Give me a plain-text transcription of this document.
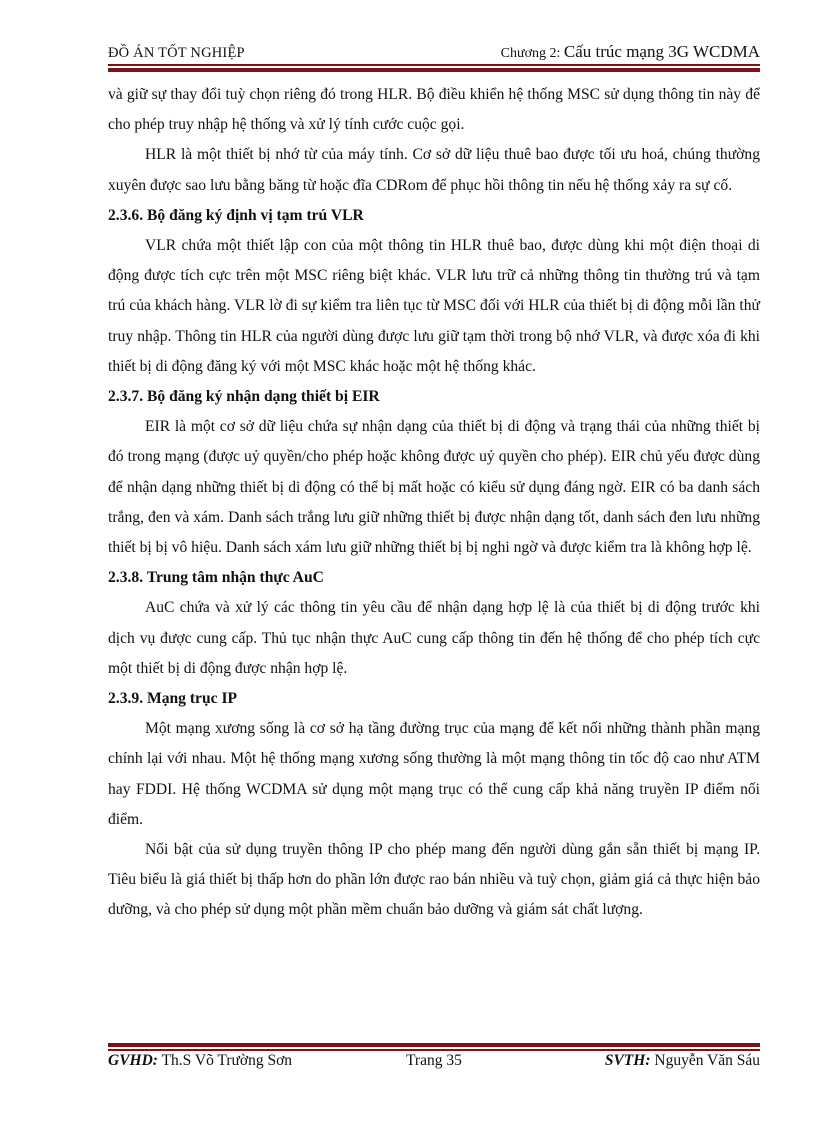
ĐỒ ÁN TỐT NGHIỆP	Chương 2: Cấu trúc mạng 3G WCDMA

và giữ sự thay đổi tuỳ chọn riêng đó trong HLR. Bộ điều khiển hệ thống MSC sử dụng thông tin này để cho phép truy nhập hệ thống và xử lý tính cước cuộc gọi.

HLR là một thiết bị nhớ từ của máy tính. Cơ sở dữ liệu thuê bao được tối ưu hoá, chúng thường xuyên được sao lưu bằng băng từ hoặc đĩa CDRom để phục hồi thông tin nếu hệ thống xảy ra sự cố.

2.3.6. Bộ đăng ký định vị tạm trú VLR

VLR chứa một thiết lập con của một thông tin HLR thuê bao, được dùng khi một điện thoại di động được tích cực trên một MSC riêng biệt khác. VLR lưu trữ cả những thông tin thường trú và tạm trú của khách hàng. VLR lờ đi sự kiểm tra liên tục từ MSC đối với HLR của thiết bị di động mỗi lần thử truy nhập. Thông tin HLR của người dùng được lưu giữ tạm thời trong bộ nhớ VLR, và được xóa đi khi thiết bị di động đăng ký với một MSC khác hoặc một hệ thống khác.

2.3.7. Bộ đăng ký nhận dạng thiết bị EIR

EIR là một cơ sở dữ liệu chứa sự nhận dạng của thiết bị di động và trạng thái của những thiết bị đó trong mạng (được uỷ quyền/cho phép hoặc không được uỷ quyền cho phép). EIR chủ yếu được dùng để nhận dạng những thiết bị di động có thể bị mất hoặc có kiểu sử dụng đáng ngờ. EIR có ba danh sách trắng, đen và xám. Danh sách trắng lưu giữ những thiết bị được nhận dạng tốt, danh sách đen lưu những thiết bị bị vô hiệu. Danh sách xám lưu giữ những thiết bị bị nghi ngờ và được kiểm tra là không hợp lệ.

2.3.8. Trung tâm nhận thực AuC

AuC chứa và xử lý các thông tin yêu cầu để nhận dạng hợp lệ là của thiết bị di động trước khi dịch vụ được cung cấp. Thủ tục nhận thực AuC cung cấp thông tin đến hệ thống để cho phép tích cực một thiết bị di động được nhận hợp lệ.

2.3.9. Mạng trục IP

Một mạng xương sống là cơ sở hạ tầng đường trục của mạng để kết nối những thành phần mạng chính lại với nhau. Một hệ thống mạng xương sống thường là một mạng thông tin tốc độ cao như ATM hay FDDI. Hệ thống WCDMA sử dụng một mạng trục có thể cung cấp khả năng truyền IP điểm nối điểm.

Nổi bật của sử dụng truyền thông IP cho phép mang đến người dùng gắn sẵn thiết bị mạng IP. Tiêu biểu là giá thiết bị thấp hơn do phần lớn được rao bán nhiều và tuỳ chọn, giảm giá cả thực hiện bảo dưỡng, và cho phép sử dụng một phần mềm chuẩn bảo dưỡng và giám sát chất lượng.

GVHD: Th.S Võ Trường Sơn	Trang 35	SVTH: Nguyễn Văn Sáu
